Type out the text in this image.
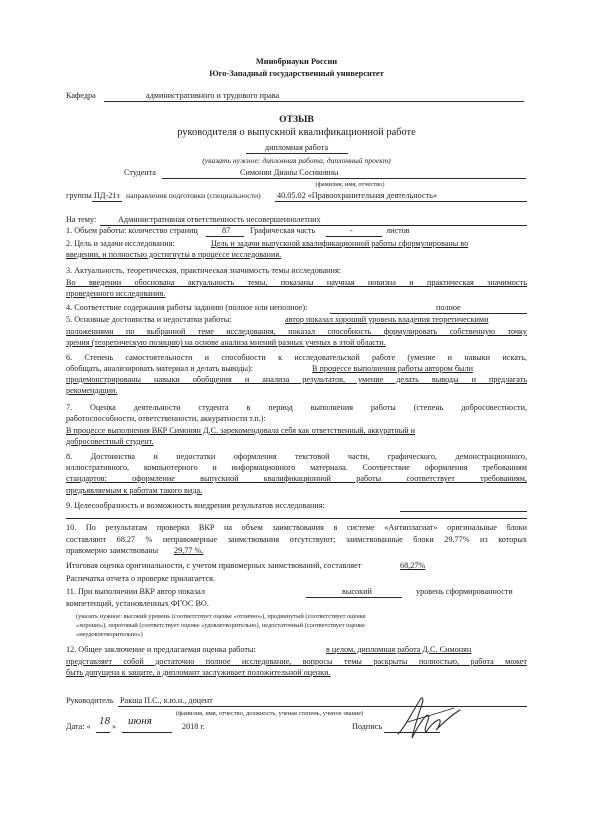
Минобрнауки России
Юго-Западный государственный университет
Кафедра	административного и трудового права
ОТЗЫВ
руководителя о выпускной квалификационной работе
дипломная работа
(указать нужное: дипломная работа, дипломный проект)
Студента	Симонян Дианы Сосиковны
(фамилия, имя, отчество)
группы ПД-21з направления подготовки (специальности) 40.05.02 «Правоохранительная деятельность»
На тему:	Административная ответственность несовершеннолетних
1. Объем работы: количество страниц	87 Графическая часть	-	листов
2. Цель и задачи исследования:	Цель и задачи выпускной квалификационной работы сформулированы во
введении, и полностью достигнуты в процессе исследования.
3. Актуальность, теоретическая, практическая значимость темы исследования:
Во введении обоснована актуальность темы, показаны научная новизна и практическая значимость
проведенного исследования.
4. Соответствие содержания работы заданию (полное или неполное):	полное
5. Основные достоинства и недостатки работы:	автор показал хороший уровень владения теоретическими
положениями по выбранной теме исследования, показал способность формулировать собственную точку
зрения (теоретическую позицию) на основе анализа мнений разных ученых в этой области.
6. Степень самостоятельности и способности к исследовательской работе (умение и навыки искать,
обобщать, анализировать материал и делать выводы):	В процессе выполнения работы автором были
продемонстрированы навыки обобщения и анализа результатов, умение делать выводы и предлагать
рекомендации.
7. Оценка деятельности студента в период выполнения работы (степень добросовестности,
работоспособности, ответственности, аккуратности т.п.):
В процессе выполнения ВКР Симонян Д.С. зарекомендовала себя как ответственный, аккуратный и
добросовестный студент.
8. Достоинства и недостатки оформления текстовой части, графического, демонстрационного,
иллюстративного, компьютерного и информационного материала. Соответствие оформления требованиям
стандартов: оформление выпускной квалификационной работы соответствует требованиям,
предъявляемым к работам такого вида.
9. Целесообразность и возможность внедрения результатов исследования:
10. По результатам проверки ВКР на объем заимствования в системе «Антиплагиат» оригинальные блоки
составляют 68.27 % неправомерные заимствования отсутствуют; заимствованные блоки 29.77% из которых
правомерно заимствованы 29,77 %.
Итоговая оценка оригинальности, с учетом правомерных заимствований, составляет	68,27%
Распечатка отчета о проверке прилагается.
11. При выполнении ВКР автор показал	высокий	уровень сформированности
компетенций, установленных ФГОС ВО.
(указать нужное: высокий уровень (соответствует оценке «отлично»), продвинутый (соответствует оценке
«хорошо»), пороговый (соответствует оценке «удовлетворительно), недостаточный (соответствует оценке
«неудовлетворительно»)
12. Общее заключение и предлагаемая оценка работы:	в целом, дипломная работа Д.С. Симонян
представляет собой достаточно полное исследование, вопросы темы раскрыты полностью, работа может
быть допущена к защите, а дипломант заслуживает положительной оценки.
Руководитель Ракша П.С., к.ю.н., доцент
(фамилия, имя, отчество, должность, ученая степень, ученое звание)
Дата: « 18 » июня	2018 г.	Подпись
